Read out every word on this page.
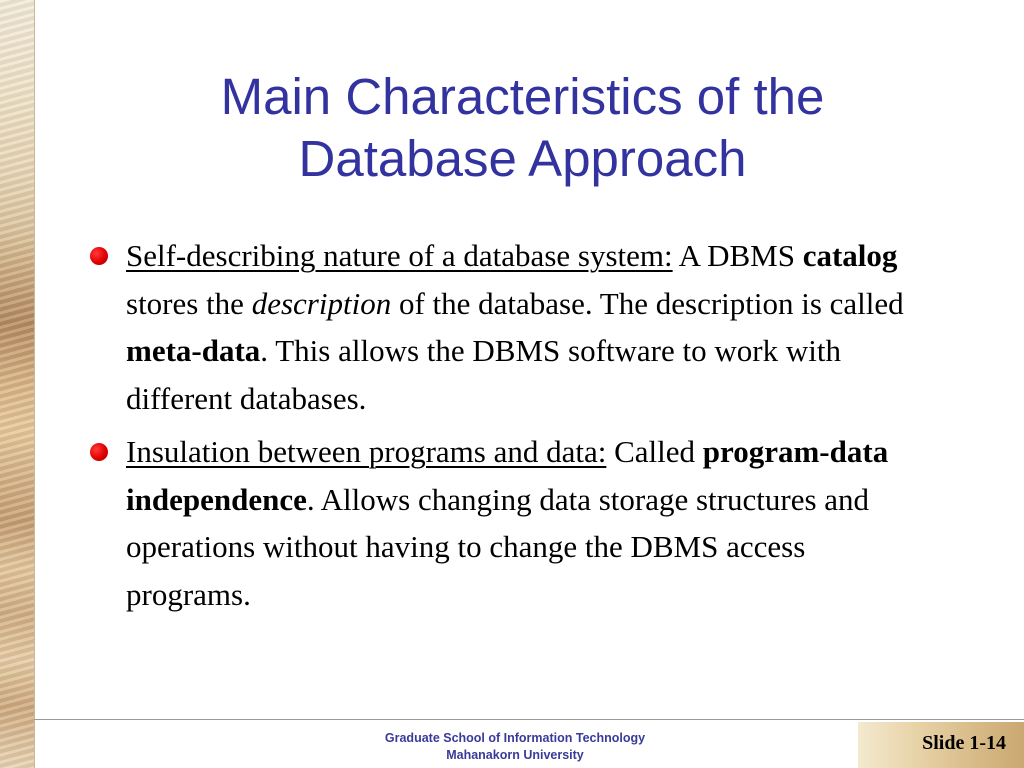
Main Characteristics of the
Database Approach
Self-describing nature of a database system: A DBMS catalog stores the description of the database. The description is called meta-data. This allows the DBMS software to work with different databases.
Insulation between programs and data: Called program-data independence. Allows changing data storage structures and operations without having to change the DBMS access programs.
Graduate School of Information Technology
Mahanakorn University
Slide 1-14
